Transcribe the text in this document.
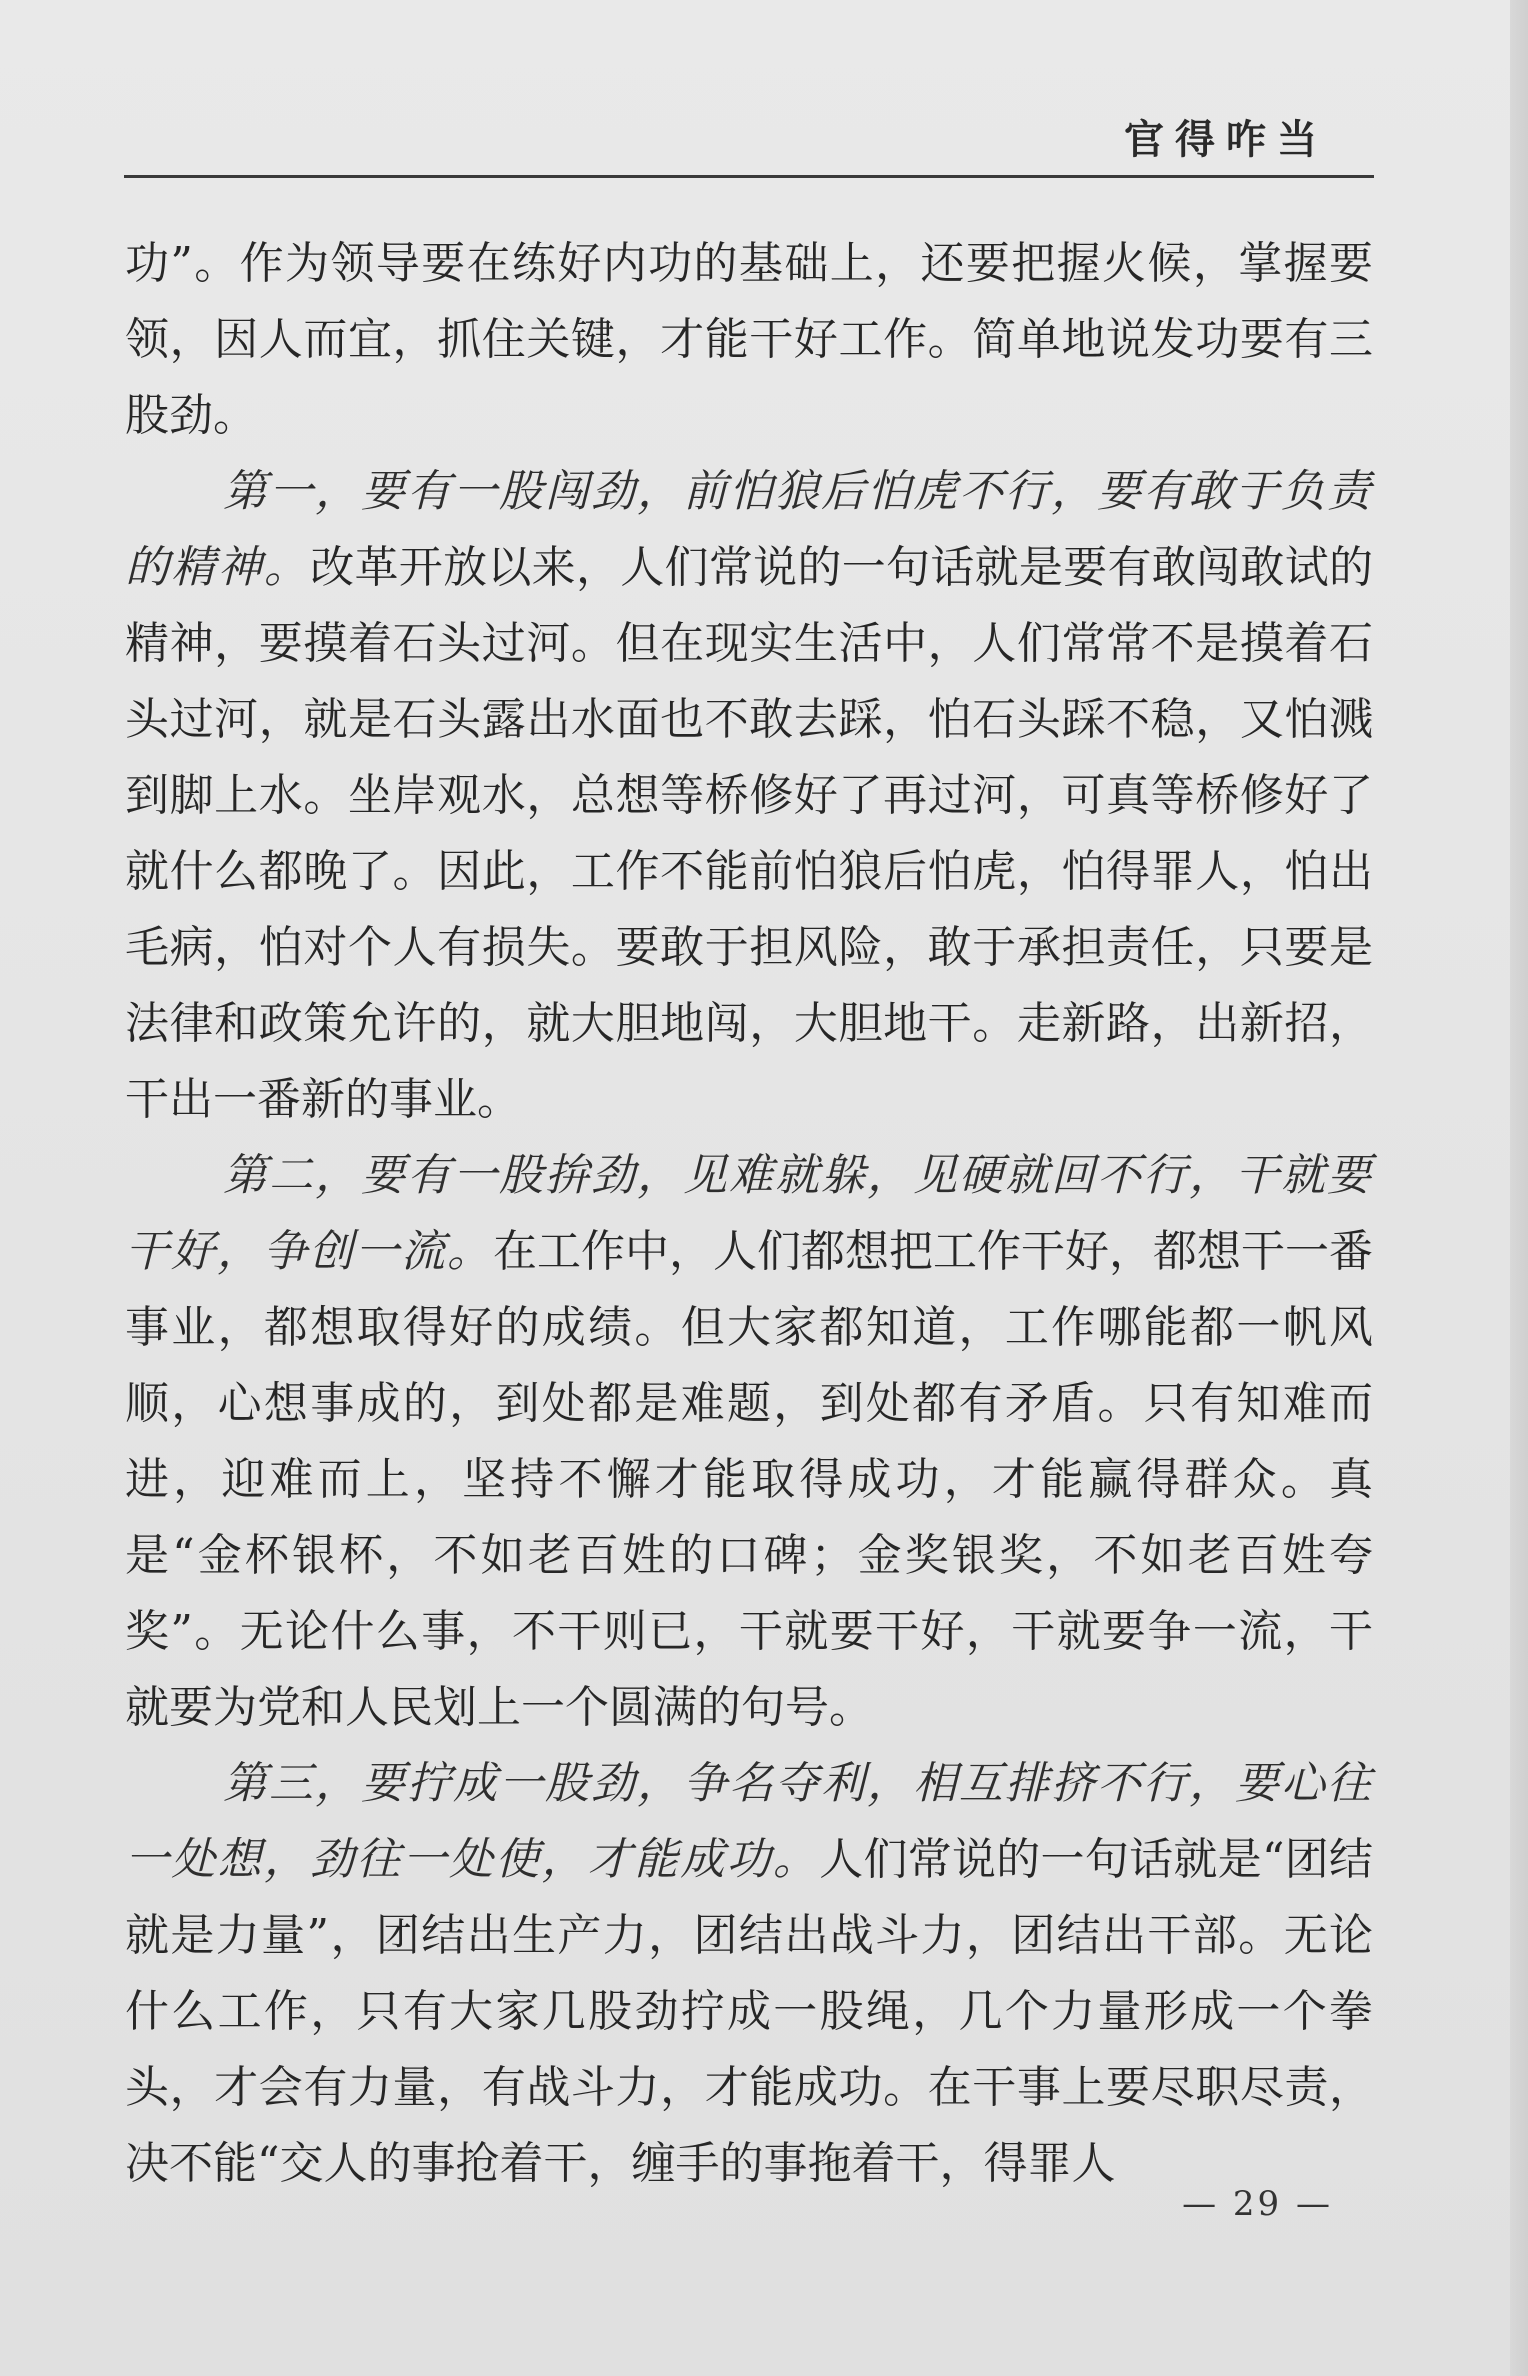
官得咋当

功”。作为领导要在练好内功的基础上，还要把握火候，掌握要领，因人而宜，抓住关键，才能干好工作。简单地说发功要有三股劲。

第一，要有一股闯劲，前怕狼后怕虎不行，要有敢于负责的精神。改革开放以来，人们常说的一句话就是要有敢闯敢试的精神，要摸着石头过河。但在现实生活中，人们常常不是摸着石头过河，就是石头露出水面也不敢去踩，怕石头踩不稳，又怕溅到脚上水。坐岸观水，总想等桥修好了再过河，可真等桥修好了就什么都晚了。因此，工作不能前怕狼后怕虎，怕得罪人，怕出毛病，怕对个人有损失。要敢于担风险，敢于承担责任，只要是法律和政策允许的，就大胆地闯，大胆地干。走新路，出新招，干出一番新的事业。

第二，要有一股拚劲，见难就躲，见硬就回不行，干就要干好，争创一流。在工作中，人们都想把工作干好，都想干一番事业，都想取得好的成绩。但大家都知道，工作哪能都一帆风顺，心想事成的，到处都是难题，到处都有矛盾。只有知难而进，迎难而上，坚持不懈才能取得成功，才能赢得群众。真是“金杯银杯，不如老百姓的口碑；金奖银奖，不如老百姓夸奖”。无论什么事，不干则已，干就要干好，干就要争一流，干就要为党和人民划上一个圆满的句号。

第三，要拧成一股劲，争名夺利，相互排挤不行，要心往一处想，劲往一处使，才能成功。人们常说的一句话就是“团结就是力量”，团结出生产力，团结出战斗力，团结出干部。无论什么工作，只有大家几股劲拧成一股绳，几个力量形成一个拳头，才会有力量，有战斗力，才能成功。在干事上要尽职尽责，决不能“交人的事抢着干，缠手的事拖着干，得罪人

— 29 —
